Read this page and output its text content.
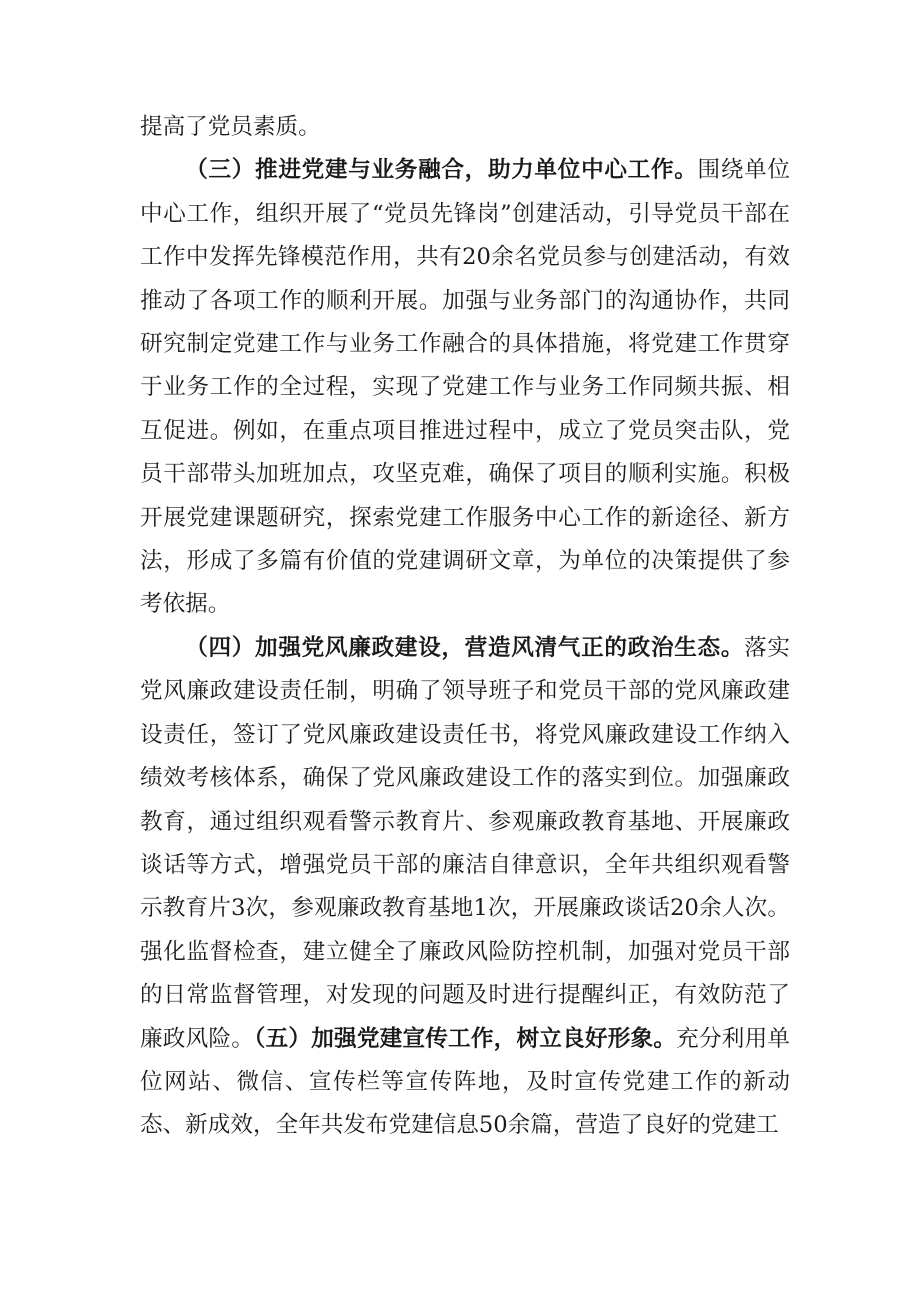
提高了党员素质。

（三）推进党建与业务融合，助力单位中心工作。围绕单位中心工作，组织开展了“党员先锋岗”创建活动，引导党员干部在工作中发挥先锋模范作用，共有20余名党员参与创建活动，有效推动了各项工作的顺利开展。加强与业务部门的沟通协作，共同研究制定党建工作与业务工作融合的具体措施，将党建工作贯穿于业务工作的全过程，实现了党建工作与业务工作同频共振、相互促进。例如，在重点项目推进过程中，成立了党员突击队，党员干部带头加班加点，攻坚克难，确保了项目的顺利实施。积极开展党建课题研究，探索党建工作服务中心工作的新途径、新方法，形成了多篇有价值的党建调研文章，为单位的决策提供了参考依据。

（四）加强党风廉政建设，营造风清气正的政治生态。落实党风廉政建设责任制，明确了领导班子和党员干部的党风廉政建设责任，签订了党风廉政建设责任书，将党风廉政建设工作纳入绩效考核体系，确保了党风廉政建设工作的落实到位。加强廉政教育，通过组织观看警示教育片、参观廉政教育基地、开展廉政谈话等方式，增强党员干部的廉洁自律意识，全年共组织观看警示教育片3次，参观廉政教育基地1次，开展廉政谈话20余人次。强化监督检查，建立健全了廉政风险防控机制，加强对党员干部的日常监督管理，对发现的问题及时进行提醒纠正，有效防范了廉政风险。（五）加强党建宣传工作，树立良好形象。充分利用单位网站、微信、宣传栏等宣传阵地，及时宣传党建工作的新动态、新成效，全年共发布党建信息50余篇，营造了良好的党建工
